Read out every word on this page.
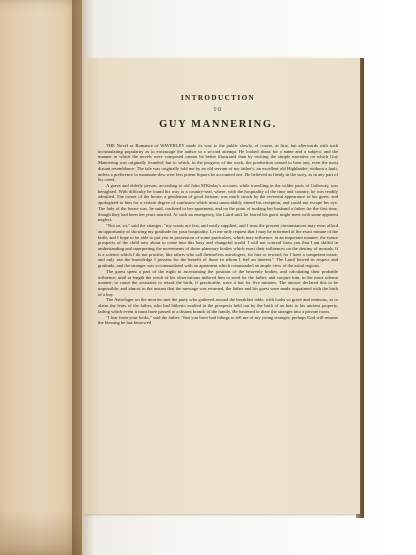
INTRODUCTION

TO

GUY MANNERING.

THE Novel or Romance of WAVERLEY made its way to the public slowly, of course, at first, but afterwards with such accumulating popularity as to encourage the author to a second attempt. He looked about for a name and a subject; and the manner in which the novels were composed cannot be better illustrated than by reciting the simple narrative on which Guy Mannering was originally founded; but to which, in the progress of the work, the production ceased to bear any, even the most distant resemblance. The tale was originally told me by an old servant of my father's, an excellent old Highlander, without a fault, unless a preference to mountain-dew over less potent liquors be accounted one. He believed as firmly in the story, as in any part of his creed.

A grave and elderly person, according to old John M'Kinlay's account, while travelling in the wilder parts of Galloway, was benighted. With difficulty he found his way to a country-seat, where, with the hospitality of the time and country, he was readily admitted. The owner of the house, a gentleman of good fortune, was much struck by the reverend appearance of his guest, and apologized to him for a certain degree of confusion which must unavoidably attend his reception, and could not escape his eye. The lady of the house was, he said, confined to her apartment, and on the point of making her husband a father for the first time, though they had been ten years married. At such an emergency, the Laird said, he feared his guest might meet with some apparent neglect.

"Not so, sir," said the stranger; "my wants are few, and easily supplied, and I trust the present circumstances may even afford an opportunity of showing my gratitude for your hospitality. Let me only request that I may be informed of the exact minute of the birth; and I hope to be able to put you in possession of some particulars, which may influence, in an important manner, the future prospects of the child now about to come into this busy and changeful world. I will not conceal from you that I am skilful in understanding and interpreting the movements of those planetary bodies which exert their influences on the destiny of mortals. It is a science which I do not practise, like others who call themselves astrologers, for hire or reward; for I have a competent estate, and only use the knowledge I possess for the benefit of those in whom I feel an interest." The Laird bowed in respect and gratitude, and the stranger was accommodated with an apartment which commanded an ample view of the astral regions.

The guest spent a part of the night in ascertaining the position of the heavenly bodies, and calculating their probable influence; until at length the result of his observations induced him to send for the father, and conjure him, in the most solemn manner, to cause the assistants to retard the birth, if practicable, were it but for five minutes. The answer declared this to be impossible; and almost in the instant that the message was returned, the father and his guest were made acquainted with the birth of a boy.

The Astrologer on the morrow met the party who gathered around the breakfast table, with looks so grave and ominous, as to alarm the fears of the father, who had hitherto exulted in the prospects held out by the birth of an heir to his ancient property, failing which event it must have passed to a distant branch of the family. He hastened to draw the stranger into a private room.

"I fear from your looks," said the father, "that you have bad tidings to tell me of my young stranger; perhaps God will resume the blessing he has bestowed
